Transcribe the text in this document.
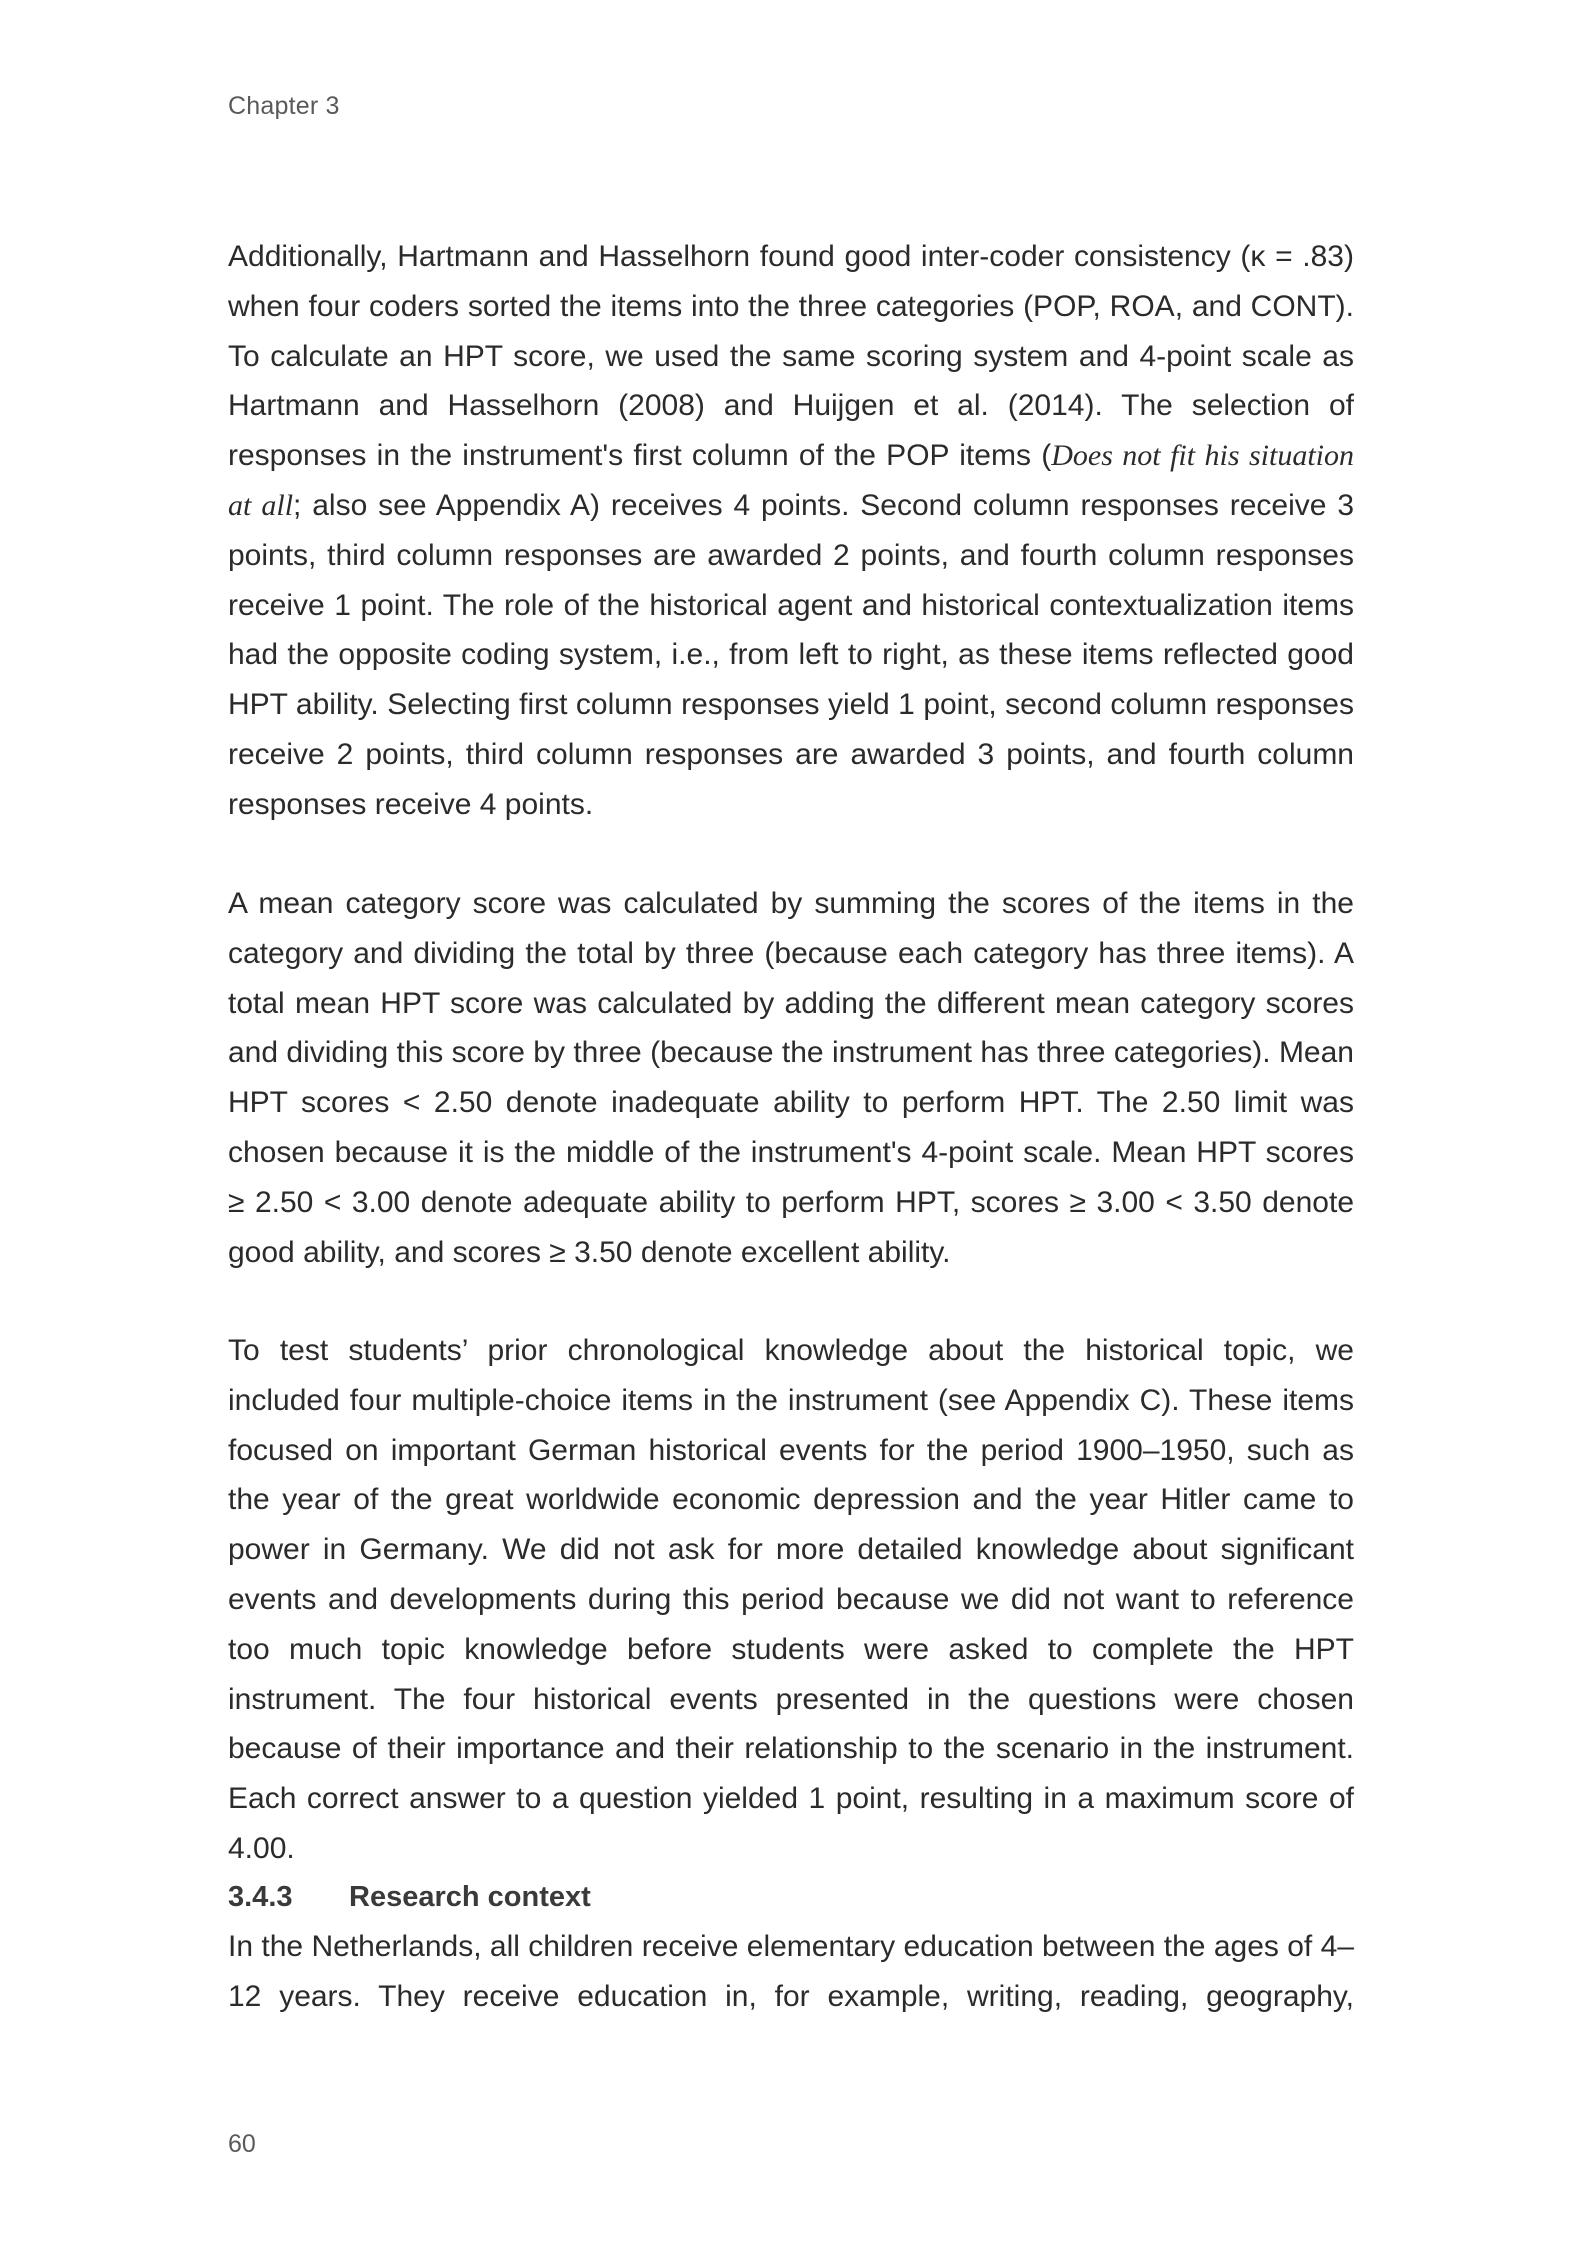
Chapter 3

Additionally, Hartmann and Hasselhorn found good inter-coder consistency (κ = .83) when four coders sorted the items into the three categories (POP, ROA, and CONT). To calculate an HPT score, we used the same scoring system and 4-point scale as Hartmann and Hasselhorn (2008) and Huijgen et al. (2014). The selection of responses in the instrument's first column of the POP items (Does not fit his situation at all; also see Appendix A) receives 4 points. Second column responses receive 3 points, third column responses are awarded 2 points, and fourth column responses receive 1 point. The role of the historical agent and historical contextualization items had the opposite coding system, i.e., from left to right, as these items reflected good HPT ability. Selecting first column responses yield 1 point, second column responses receive 2 points, third column responses are awarded 3 points, and fourth column responses receive 4 points.

A mean category score was calculated by summing the scores of the items in the category and dividing the total by three (because each category has three items). A total mean HPT score was calculated by adding the different mean category scores and dividing this score by three (because the instrument has three categories). Mean HPT scores < 2.50 denote inadequate ability to perform HPT. The 2.50 limit was chosen because it is the middle of the instrument's 4-point scale. Mean HPT scores ≥ 2.50 < 3.00 denote adequate ability to perform HPT, scores ≥ 3.00 < 3.50 denote good ability, and scores ≥ 3.50 denote excellent ability.

To test students’ prior chronological knowledge about the historical topic, we included four multiple-choice items in the instrument (see Appendix C). These items focused on important German historical events for the period 1900–1950, such as the year of the great worldwide economic depression and the year Hitler came to power in Germany. We did not ask for more detailed knowledge about significant events and developments during this period because we did not want to reference too much topic knowledge before students were asked to complete the HPT instrument. The four historical events presented in the questions were chosen because of their importance and their relationship to the scenario in the instrument. Each correct answer to a question yielded 1 point, resulting in a maximum score of 4.00.

3.4.3 Research context

In the Netherlands, all children receive elementary education between the ages of 4–12 years. They receive education in, for example, writing, reading, geography,

60
